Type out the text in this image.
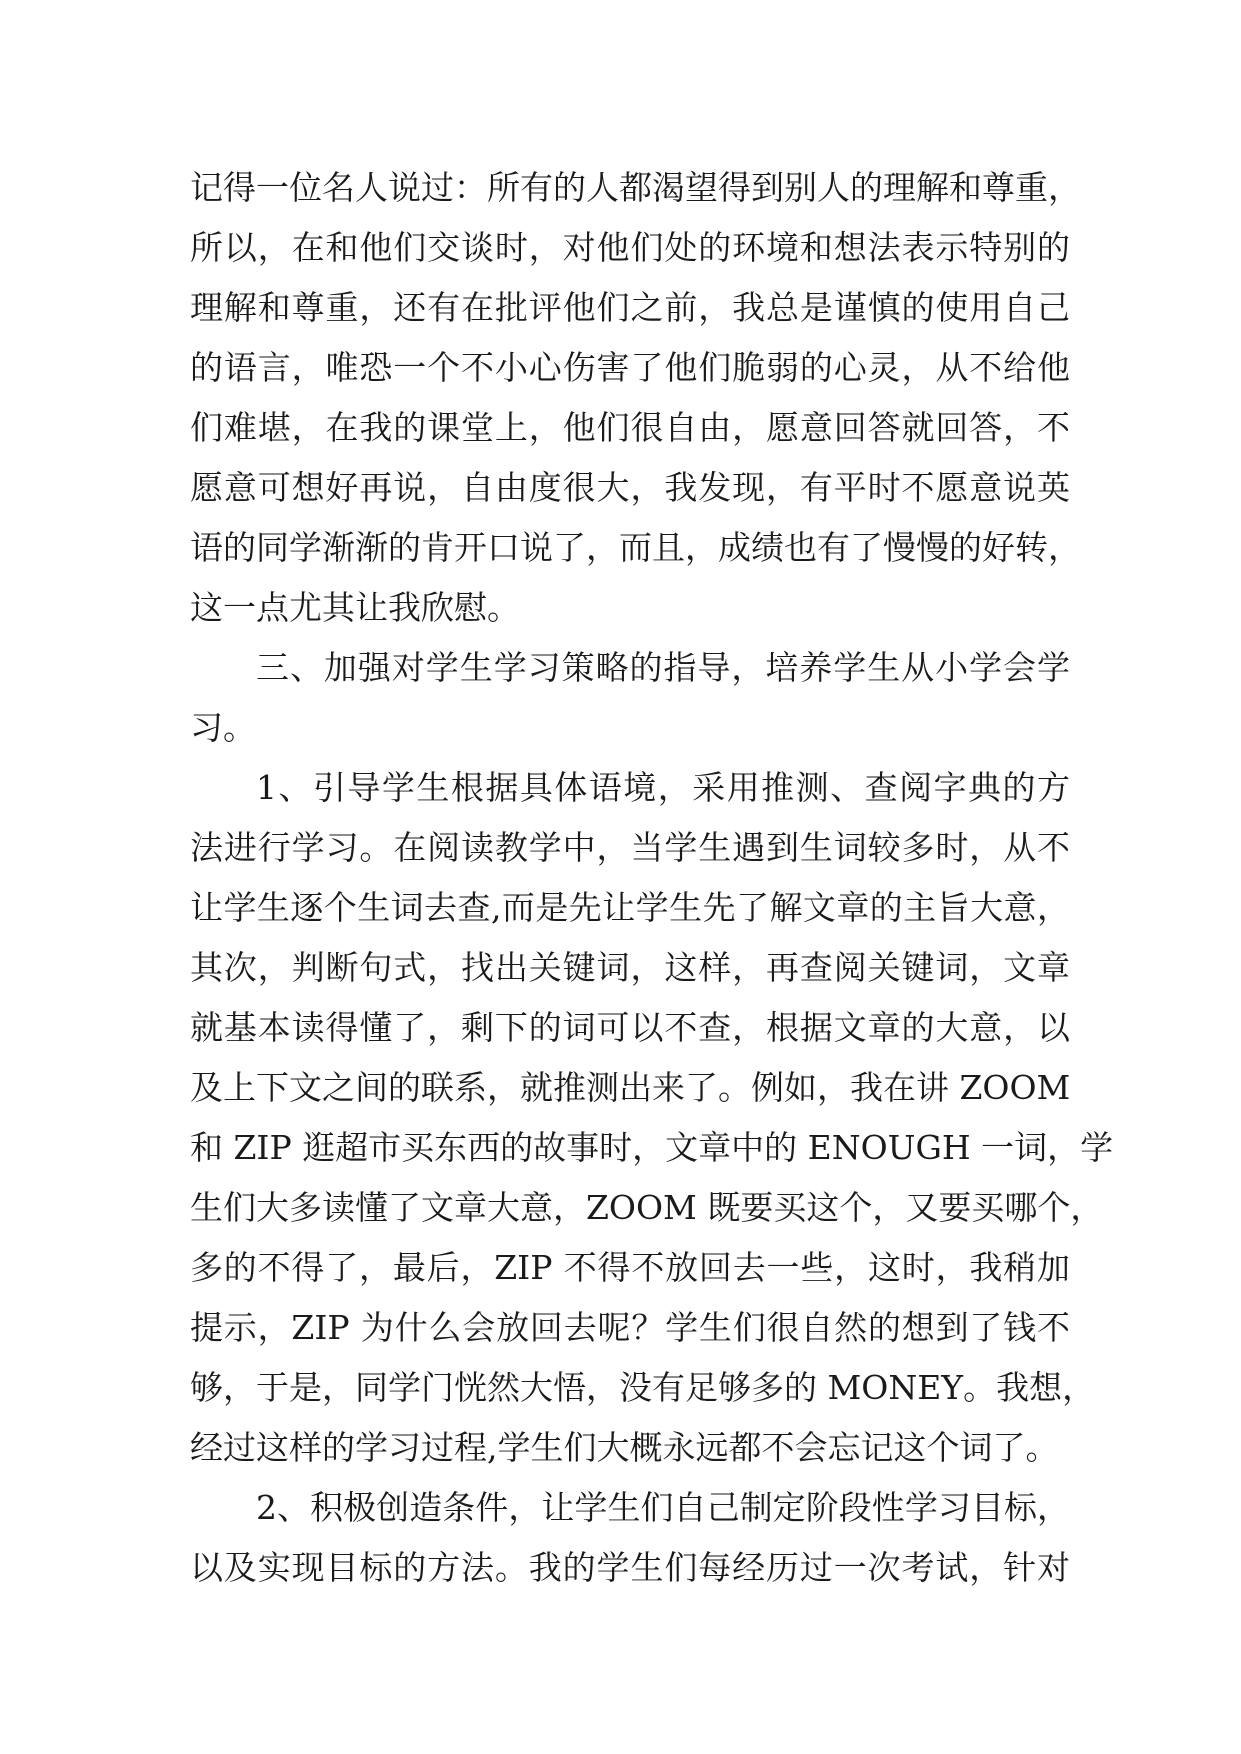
记得一位名人说过：所有的人都渴望得到别人的理解和尊重，
所以，在和他们交谈时，对他们处的环境和想法表示特别的
理解和尊重，还有在批评他们之前，我总是谨慎的使用自己
的语言，唯恐一个不小心伤害了他们脆弱的心灵，从不给他
们难堪，在我的课堂上，他们很自由，愿意回答就回答，不
愿意可想好再说，自由度很大，我发现，有平时不愿意说英
语的同学渐渐的肯开口说了，而且，成绩也有了慢慢的好转，
这一点尤其让我欣慰。
三、加强对学生学习策略的指导，培养学生从小学会学
习。
1、引导学生根据具体语境，采用推测、查阅字典的方
法进行学习。在阅读教学中，当学生遇到生词较多时，从不
让学生逐个生词去查,而是先让学生先了解文章的主旨大意，
其次，判断句式，找出关键词，这样，再查阅关键词，文章
就基本读得懂了，剩下的词可以不查，根据文章的大意，以
及上下文之间的联系，就推测出来了。例如，我在讲 ZOOM
和 ZIP 逛超市买东西的故事时，文章中的 ENOUGH 一词，学
生们大多读懂了文章大意，ZOOM 既要买这个，又要买哪个，
多的不得了，最后，ZIP 不得不放回去一些，这时，我稍加
提示，ZIP 为什么会放回去呢？学生们很自然的想到了钱不
够，于是，同学门恍然大悟，没有足够多的 MONEY。我想，
经过这样的学习过程,学生们大概永远都不会忘记这个词了。
2、积极创造条件，让学生们自己制定阶段性学习目标，
以及实现目标的方法。我的学生们每经历过一次考试，针对
